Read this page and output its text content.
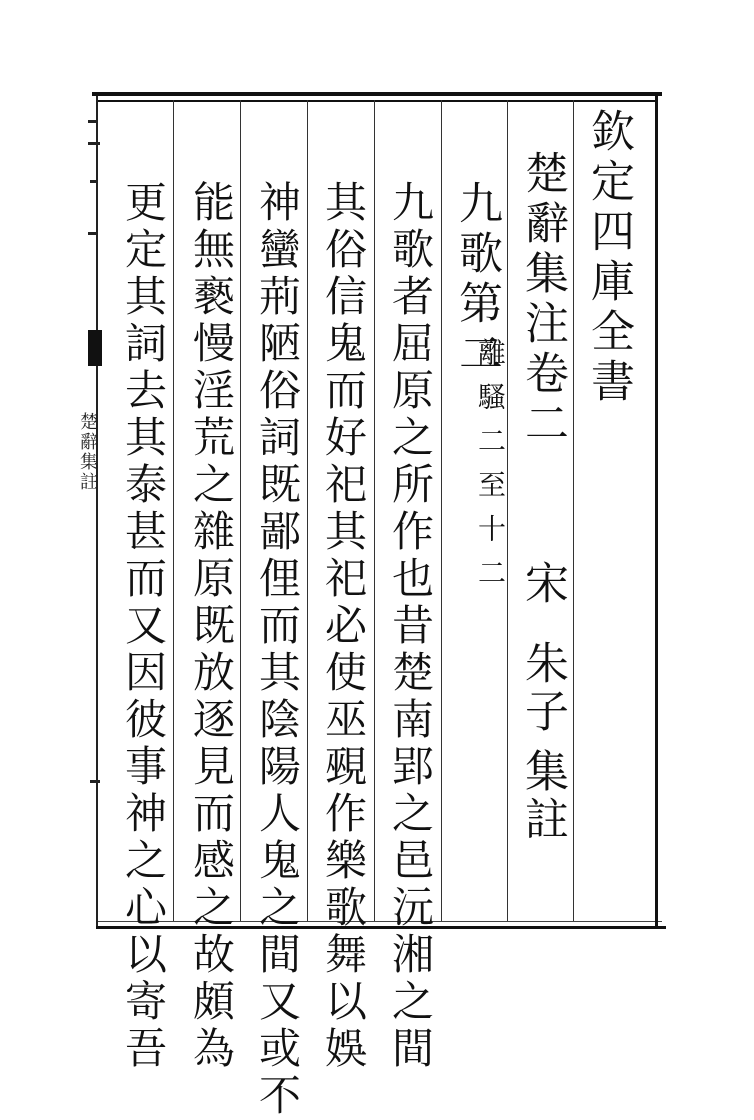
欽定四庫全書
楚辭集注卷二
宋
朱子
集註
九歌第二
離騷二至十二
九歌者屈原之所作也昔楚南郢之邑沅湘之間
其俗信鬼而好祀其祀必使巫覡作樂歌舞以娛
神蠻荊陋俗詞既鄙俚而其陰陽人鬼之間又或不
能無褻慢淫荒之雜原既放逐見而感之故頗為
更定其詞去其泰甚而又因彼事神之心以寄吾
楚辭集註
